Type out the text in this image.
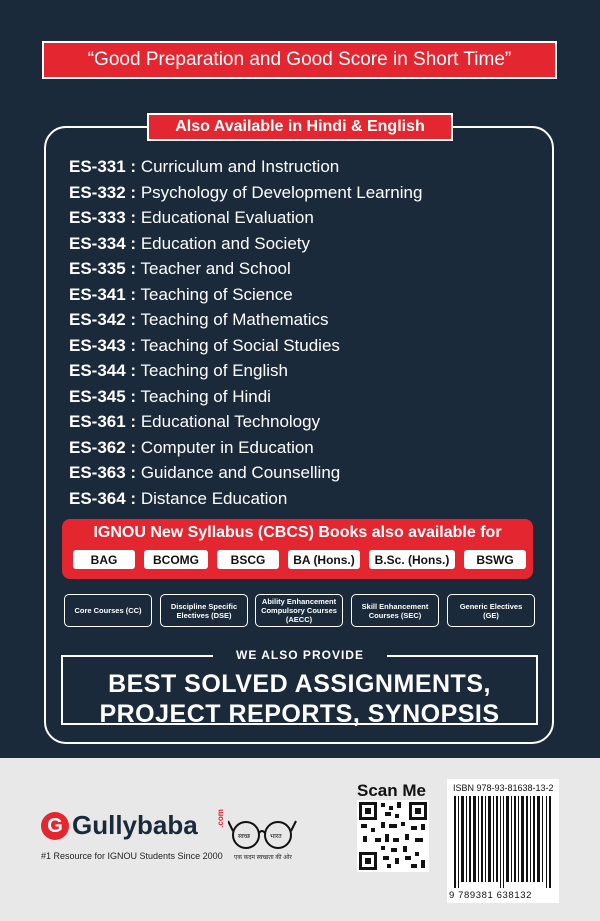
“Good Preparation and Good Score in Short Time”
Also Available in Hindi & English
ES-331 : Curriculum and Instruction
ES-332 : Psychology of Development Learning
ES-333 : Educational Evaluation
ES-334 : Education and Society
ES-335 : Teacher and School
ES-341 : Teaching of Science
ES-342 : Teaching of Mathematics
ES-343 : Teaching of Social Studies
ES-344 : Teaching of English
ES-345 : Teaching of Hindi
ES-361 : Educational Technology
ES-362 : Computer in Education
ES-363 : Guidance and Counselling
ES-364 : Distance Education
IGNOU New Syllabus (CBCS) Books also available for
BAG	BCOMG	BSCG	BA (Hons.)	B.Sc. (Hons.)	BSWG
Core Courses (CC)	Discipline Specific Electives (DSE)
Ability Enhancement Compulsory Courses (AECC)
Skill Enhancement Courses (SEC)
Generic Electives (GE)
WE ALSO PROVIDE
BEST SOLVED ASSIGNMENTS,
PROJECT REPORTS, SYNOPSIS
G Gullybaba .com
#1 Resource for IGNOU Students Since 2000
स्वच्छ	भारत
एक कदम स्वच्छता की ओर
Scan Me	ISBN 978-93-81638-13-2
9 789381 638132
